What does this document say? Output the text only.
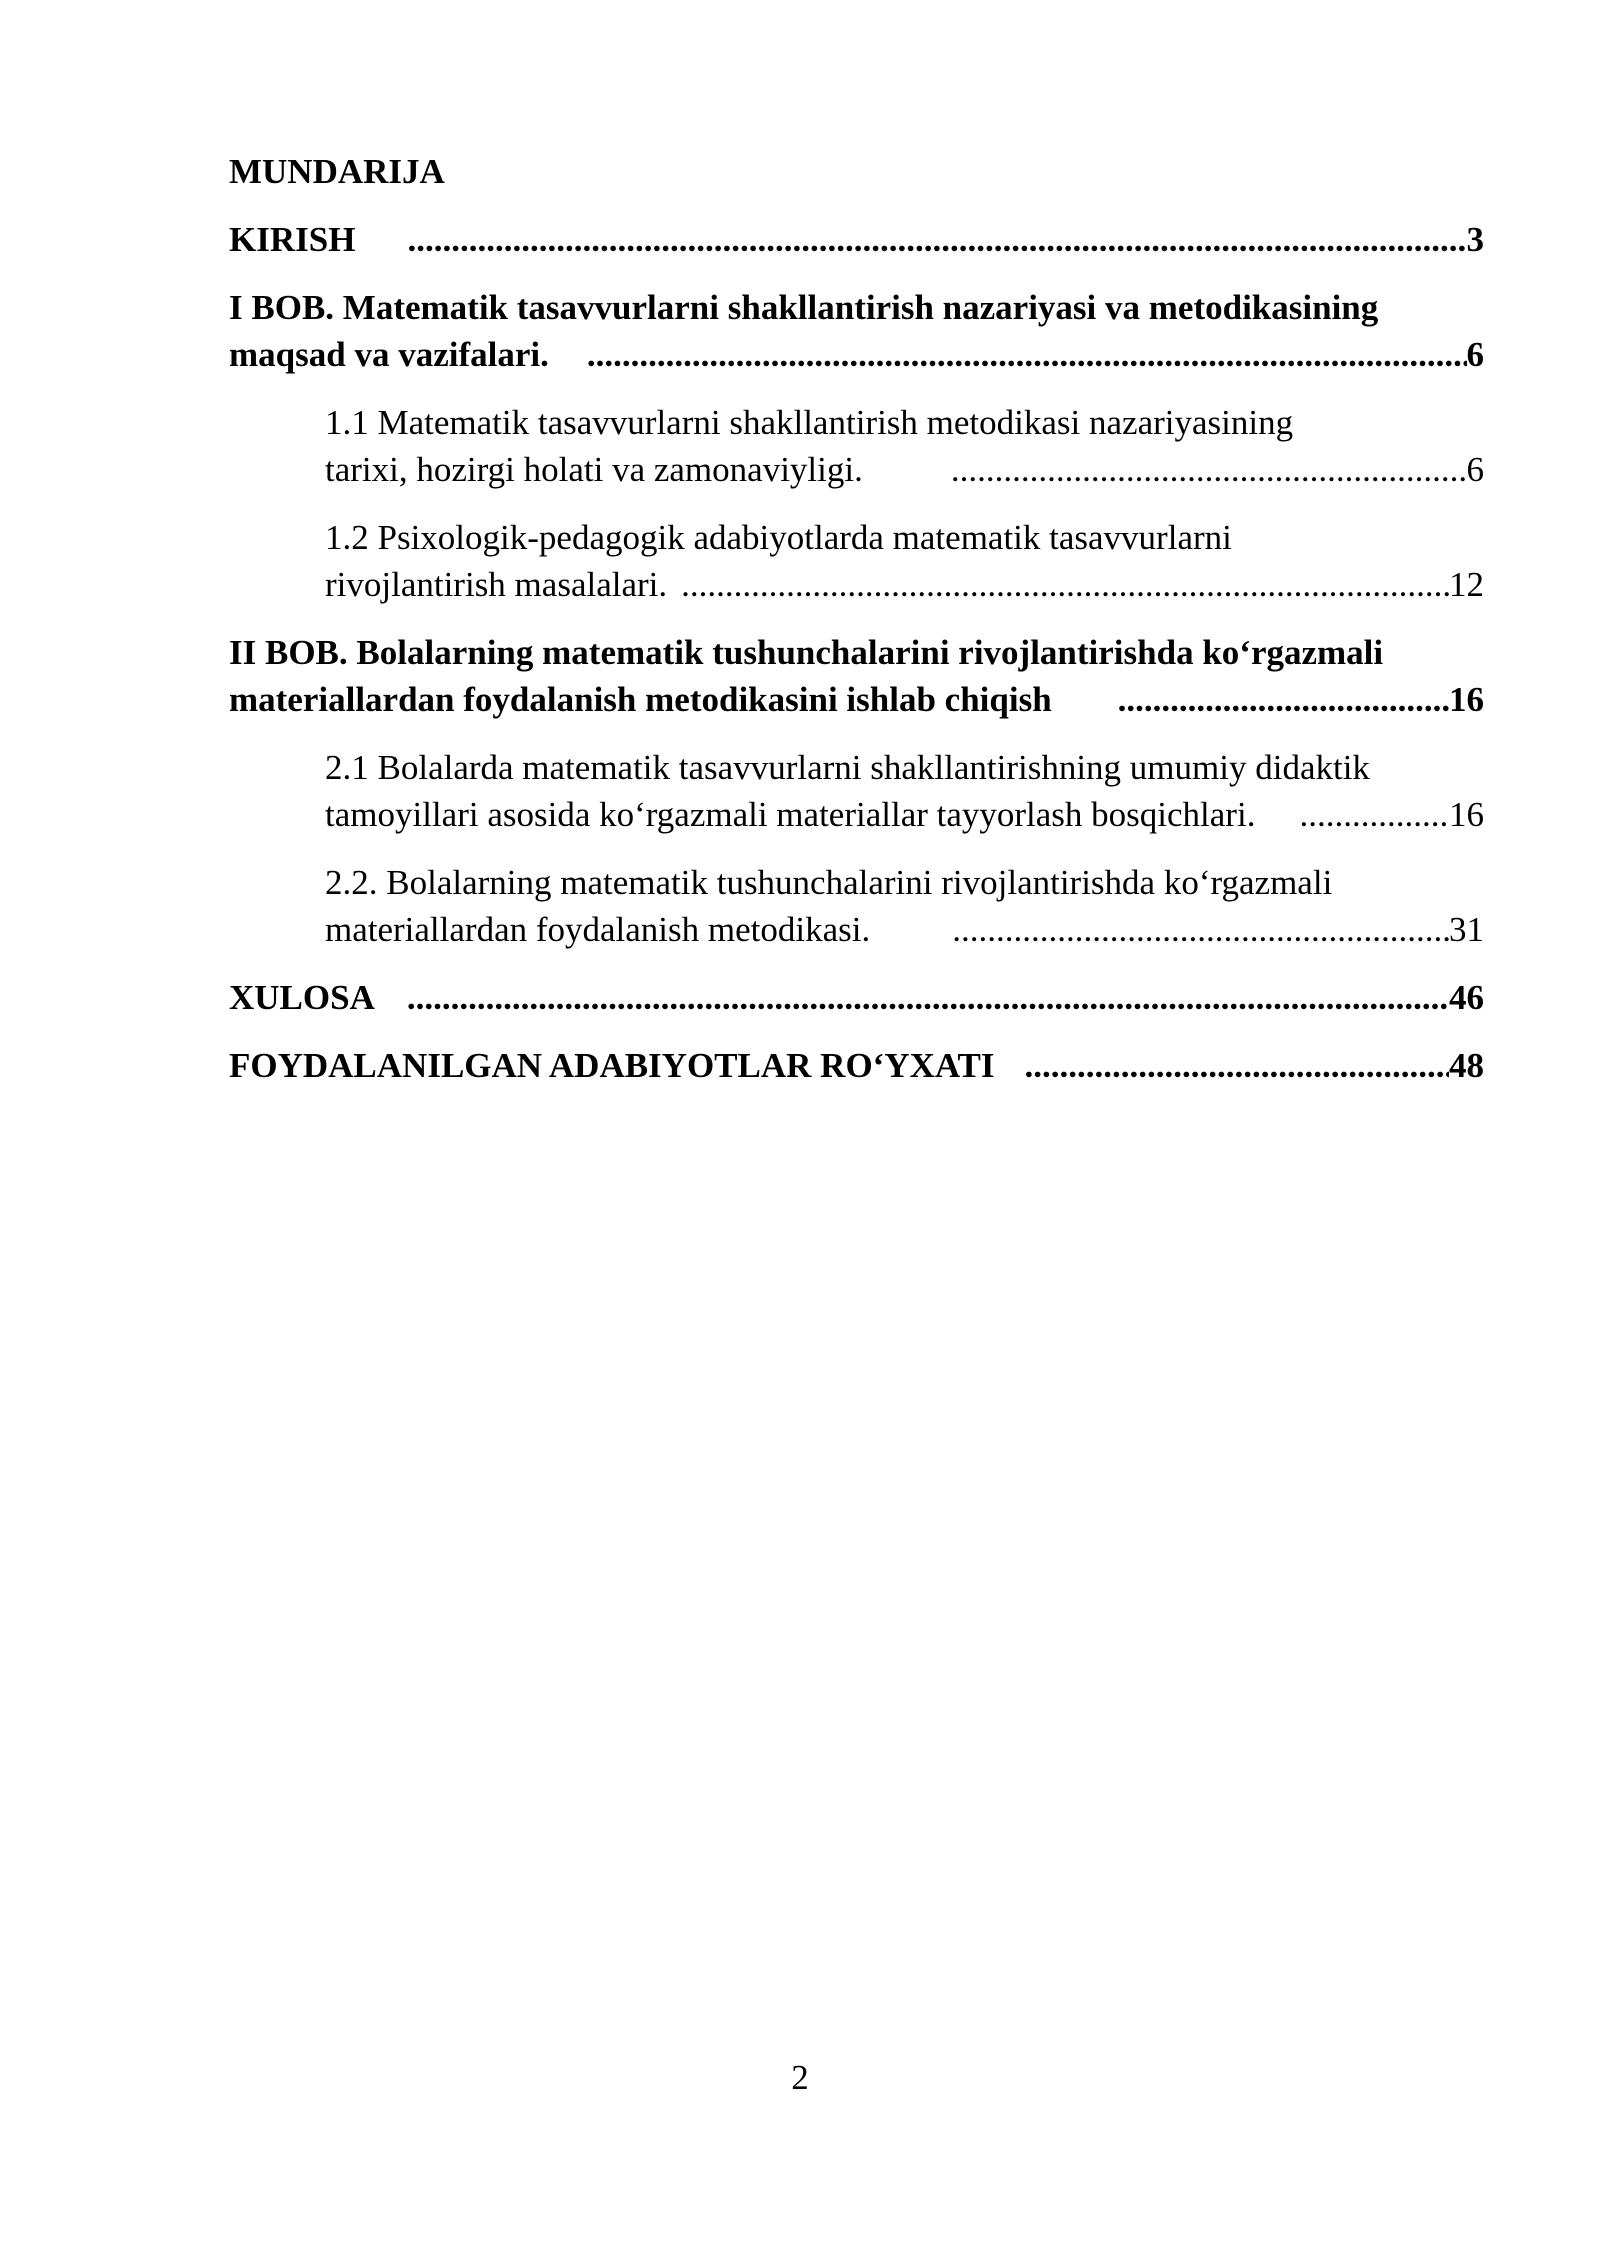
MUNDARIJA
KIRISH .....	3
I BOB. Matematik tasavvurlarni shakllantirish nazariyasi va metodikasining
maqsad va vazifalari. .....	6
1.1 Matematik tasavvurlarni shakllantirish metodikasi nazariyasining
tarixi, hozirgi holati va zamonaviyligi. .....	6
1.2 Psixologik-pedagogik adabiyotlarda matematik tasavvurlarni
rivojlantirish masalalari. .....	12
II BOB. Bolalarning matematik tushunchalarini rivojlantirishda ko‘rgazmali
materiallardan foydalanish metodikasini ishlab chiqish .....	16
2.1 Bolalarda matematik tasavvurlarni shakllantirishning umumiy didaktik
tamoyillari asosida ko‘rgazmali materiallar tayyorlash bosqichlari. .....	16
2.2. Bolalarning matematik tushunchalarini rivojlantirishda ko‘rgazmali
materiallardan foydalanish metodikasi. .....	31
XULOSA .....	46
FOYDALANILGAN ADABIYOTLAR RO‘YXATI .....	48
2
